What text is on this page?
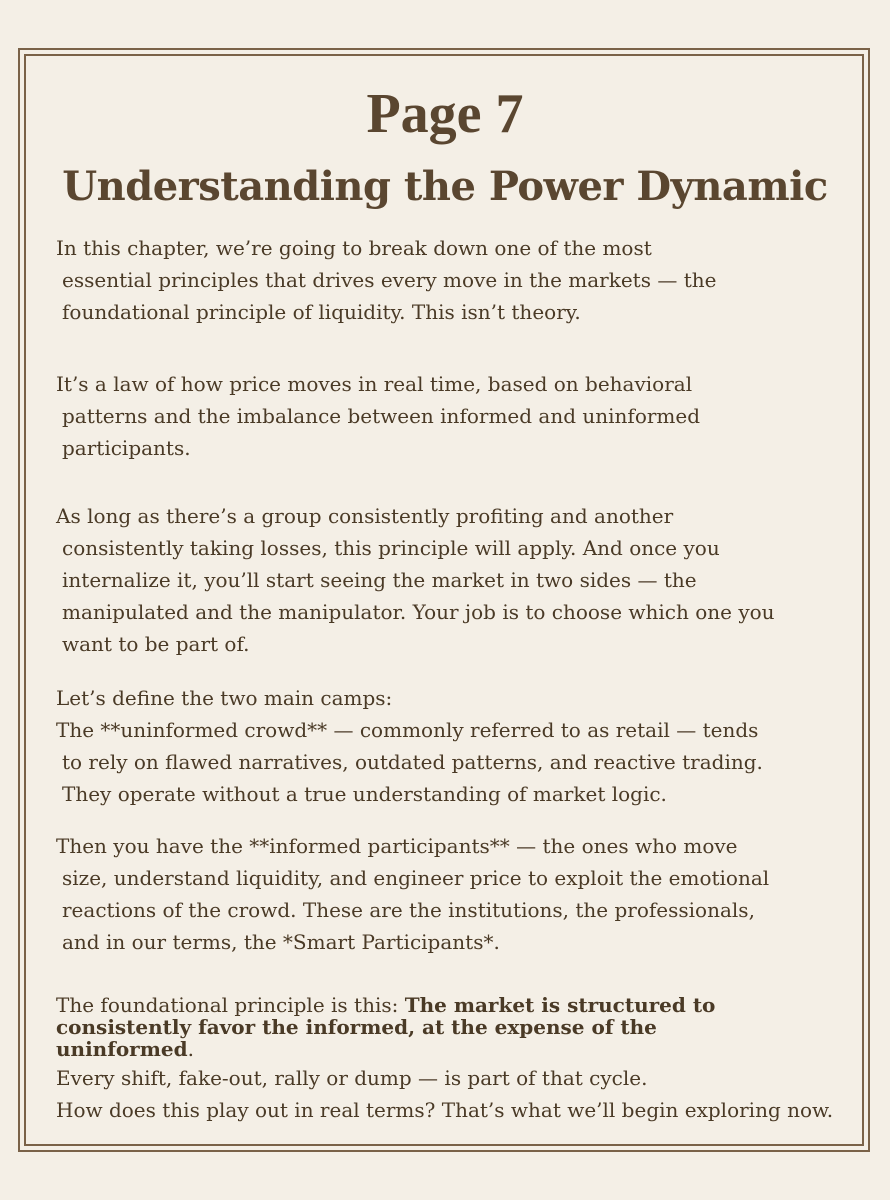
Page 7
Understanding the Power Dynamic

In this chapter, we’re going to break down one of the most
essential principles that drives every move in the markets — the
foundational principle of liquidity. This isn’t theory.

It’s a law of how price moves in real time, based on behavioral
patterns and the imbalance between informed and uninformed
participants.

As long as there’s a group consistently profiting and another
consistently taking losses, this principle will apply. And once you
internalize it, you’ll start seeing the market in two sides — the
manipulated and the manipulator. Your job is to choose which one you
want to be part of.

Let’s define the two main camps:
The **uninformed crowd** — commonly referred to as retail — tends
to rely on flawed narratives, outdated patterns, and reactive trading.
They operate without a true understanding of market logic.

Then you have the **informed participants** — the ones who move
size, understand liquidity, and engineer price to exploit the emotional
reactions of the crowd. These are the institutions, the professionals,
and in our terms, the *Smart Participants*.

The foundational principle is this: The market is structured to
consistently favor the informed, at the expense of the
uninformed.

Every shift, fake-out, rally or dump — is part of that cycle.
How does this play out in real terms? That’s what we’ll begin exploring now.
